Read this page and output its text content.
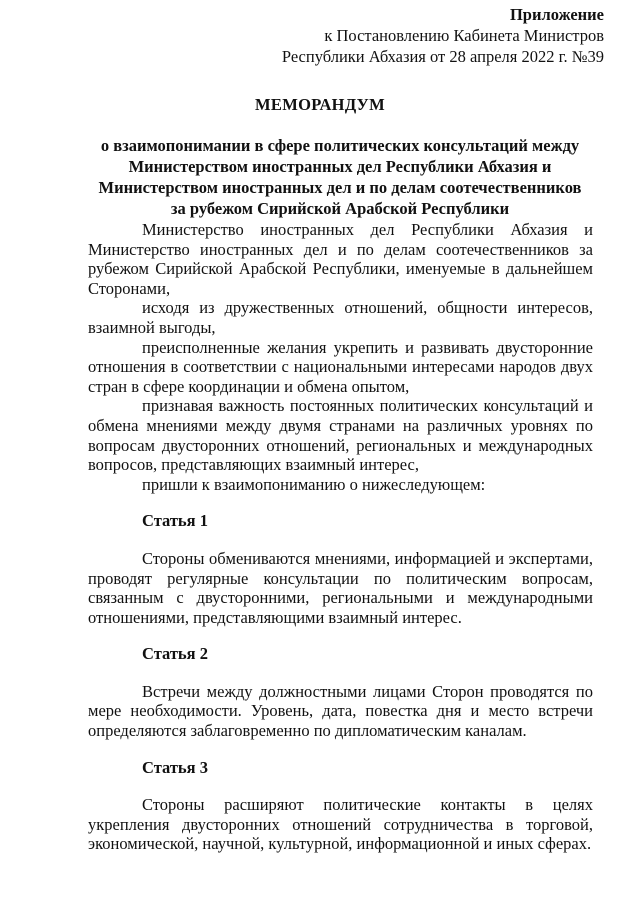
Приложение
к Постановлению Кабинета Министров
Республики Абхазия от 28 апреля 2022 г. №39
МЕМОРАНДУМ
о взаимопонимании в сфере политических консультаций между
Министерством иностранных дел Республики Абхазия и
Министерством иностранных дел и по делам соотечественников
за рубежом Сирийской Арабской Республики

Министерство иностранных дел Республики Абхазия и Министерство иностранных дел и по делам соотечественников за рубежом Сирийской Арабской Республики, именуемые в дальнейшем Сторонами,

исходя из дружественных отношений, общности интересов, взаимной выгоды,

преисполненные желания укрепить и развивать двусторонние отношения в соответствии с национальными интересами народов двух стран в сфере координации и обмена опытом,

признавая важность постоянных политических консультаций и обмена мнениями между двумя странами на различных уровнях по вопросам двусторонних отношений, региональных и международных вопросов, представляющих взаимный интерес,

пришли к взаимопониманию о нижеследующем:

Статья 1

Стороны обмениваются мнениями, информацией и экспертами, проводят регулярные консультации по политическим вопросам, связанным с двусторонними, региональными и международными отношениями, представляющими взаимный интерес.

Статья 2

Встречи между должностными лицами Сторон проводятся по мере необходимости. Уровень, дата, повестка дня и место встречи определяются заблаговременно по дипломатическим каналам.

Статья 3

Стороны расширяют политические контакты в целях укрепления двусторонних отношений сотрудничества в торговой, экономической, научной, культурной, информационной и иных сферах.
